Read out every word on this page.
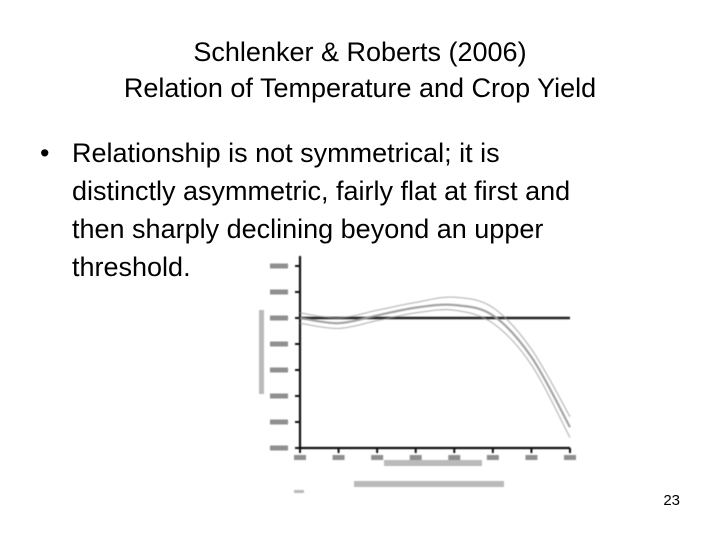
Schlenker & Roberts (2006)
Relation of Temperature and Crop Yield
• Relationship is not symmetrical; it is
distinctly asymmetric, fairly flat at first and
then sharply declining beyond an upper
threshold.
23
